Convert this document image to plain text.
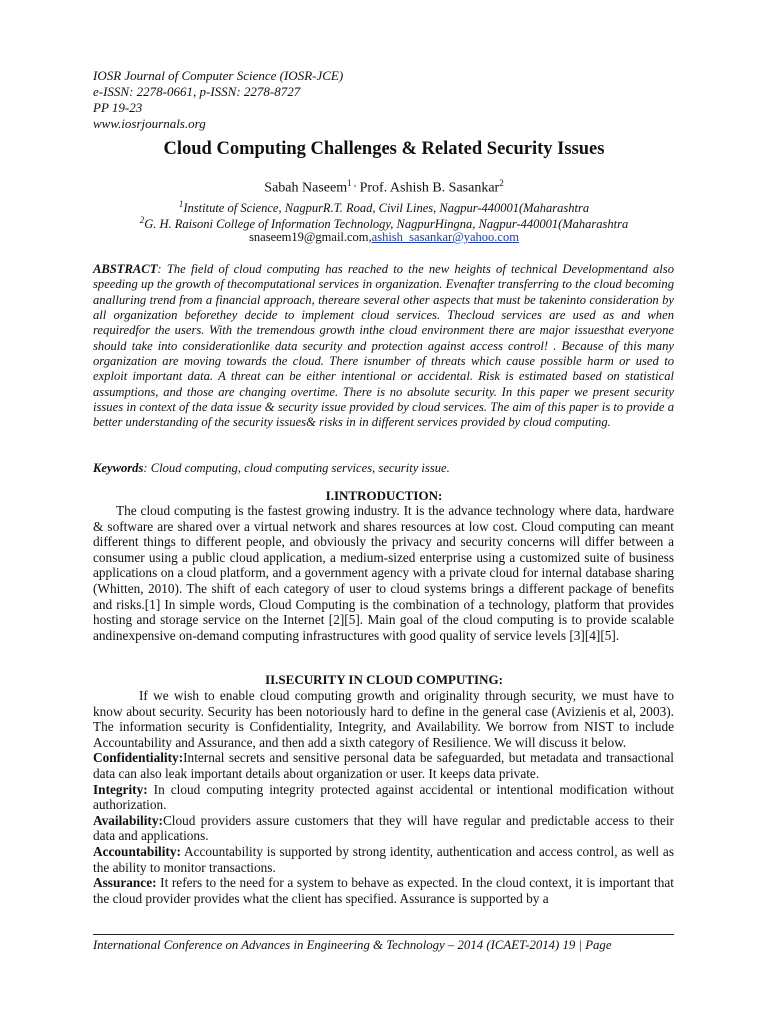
IOSR Journal of Computer Science (IOSR-JCE)
e-ISSN: 2278-0661, p-ISSN: 2278-8727
PP 19-23
www.iosrjournals.org
Cloud Computing Challenges & Related Security Issues
Sabah Naseem$^{1 ,}$ Prof. Ashish B. Sasankar$^2$
$^1$Institute of Science, NagpurR.T. Road, Civil Lines, Nagpur-440001(Maharashtra
$^2$G. H. Raisoni College of Information Technology, NagpurHingna, Nagpur-440001(Maharashtra
snaseem19@gmail.com,ashish_sasankar@yahoo.com
ABSTRACT: The field of cloud computing has reached to the new heights of technical Developmentand also speeding up the growth of thecomputational services in organization. Evenafter transferring to the cloud becoming analluring trend from a financial approach, thereare several other aspects that must be takeninto consideration by all organization beforethey decide to implement cloud services. Thecloud services are used as and when requiredfor the users. With the tremendous growth inthe cloud environment there are major issuesthat everyone should take into considerationlike data security and protection against access control! . Because of this many organization are moving towards the cloud. There isnumber of threats which cause possible harm or used to exploit important data. A threat can be either intentional or accidental. Risk is estimated based on statistical assumptions, and those are changing overtime. There is no absolute security. In this paper we present security issues in context of the data issue & security issue provided by cloud services. The aim of this paper is to provide a better understanding of the security issues& risks in in different services provided by cloud computing.
Keywords: Cloud computing, cloud computing services, security issue.
I.INTRODUCTION:
The cloud computing is the fastest growing industry. It is the advance technology where data, hardware & software are shared over a virtual network and shares resources at low cost. Cloud computing can meant different things to different people, and obviously the privacy and security concerns will differ between a consumer using a public cloud application, a medium-sized enterprise using a customized suite of business applications on a cloud platform, and a government agency with a private cloud for internal database sharing (Whitten, 2010). The shift of each category of user to cloud systems brings a different package of benefits and risks.[1] In simple words, Cloud Computing is the combination of a technology, platform that provides hosting and storage service on the Internet [2][5]. Main goal of the cloud computing is to provide scalable andinexpensive on-demand computing infrastructures with good quality of service levels [3][4][5].
II.SECURITY IN CLOUD COMPUTING:

If we wish to enable cloud computing growth and originality through security, we must have to know about security. Security has been notoriously hard to define in the general case (Avizienis et al, 2003). The information security is Confidentiality, Integrity, and Availability. We borrow from NIST to include Accountability and Assurance, and then add a sixth category of Resilience. We will discuss it below.

Confidentiality:Internal secrets and sensitive personal data be safeguarded, but metadata and transactional data can also leak important details about organization or user. It keeps data private.

Integrity: In cloud computing integrity protected against accidental or intentional modification without authorization.

Availability:Cloud providers assure customers that they will have regular and predictable access to their data and applications.

Accountability: Accountability is supported by strong identity, authentication and access control, as well as the ability to monitor transactions.

Assurance: It refers to the need for a system to behave as expected. In the cloud context, it is important that the cloud provider provides what the client has specified. Assurance is supported by a

International Conference on Advances in Engineering & Technology – 2014 (ICAET-2014) 19 | Page
